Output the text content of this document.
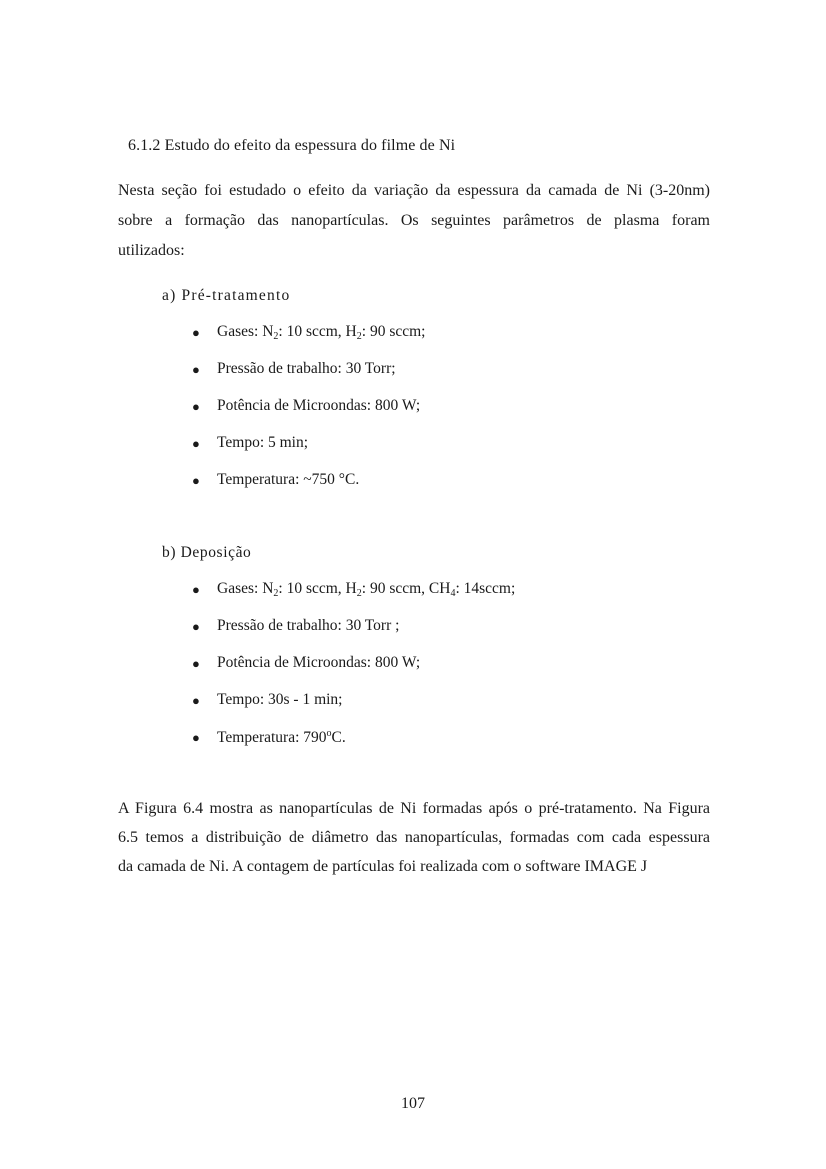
6.1.2 Estudo do efeito da espessura do filme de Ni
Nesta seção foi estudado o efeito da variação da espessura da camada de Ni (3-20nm)
sobre a formação das nanopartículas. Os seguintes parâmetros de plasma foram
utilizados:
a) Pré-tratamento
● Gases: $N_2$: 10 sccm, $H_2$: 90 sccm;
● Pressão de trabalho: 30 Torr;
● Potência de Microondas: 800 W;
● Tempo: 5 min;
● Temperatura: ~750 °C.
b) Deposição
● Gases: $N_2$: 10 sccm, $H_2$: 90 sccm, $CH_4$: 14sccm;
● Pressão de trabalho: 30 Torr ;
● Potência de Microondas: 800 W;
● Tempo: 30s - 1 min;
● Temperatura: 790$^o$C.
A Figura 6.4 mostra as nanopartículas de Ni formadas após o pré-tratamento. Na Figura
6.5 temos a distribuição de diâmetro das nanopartículas, formadas com cada espessura
da camada de Ni. A contagem de partículas foi realizada com o software IMAGE J
107
